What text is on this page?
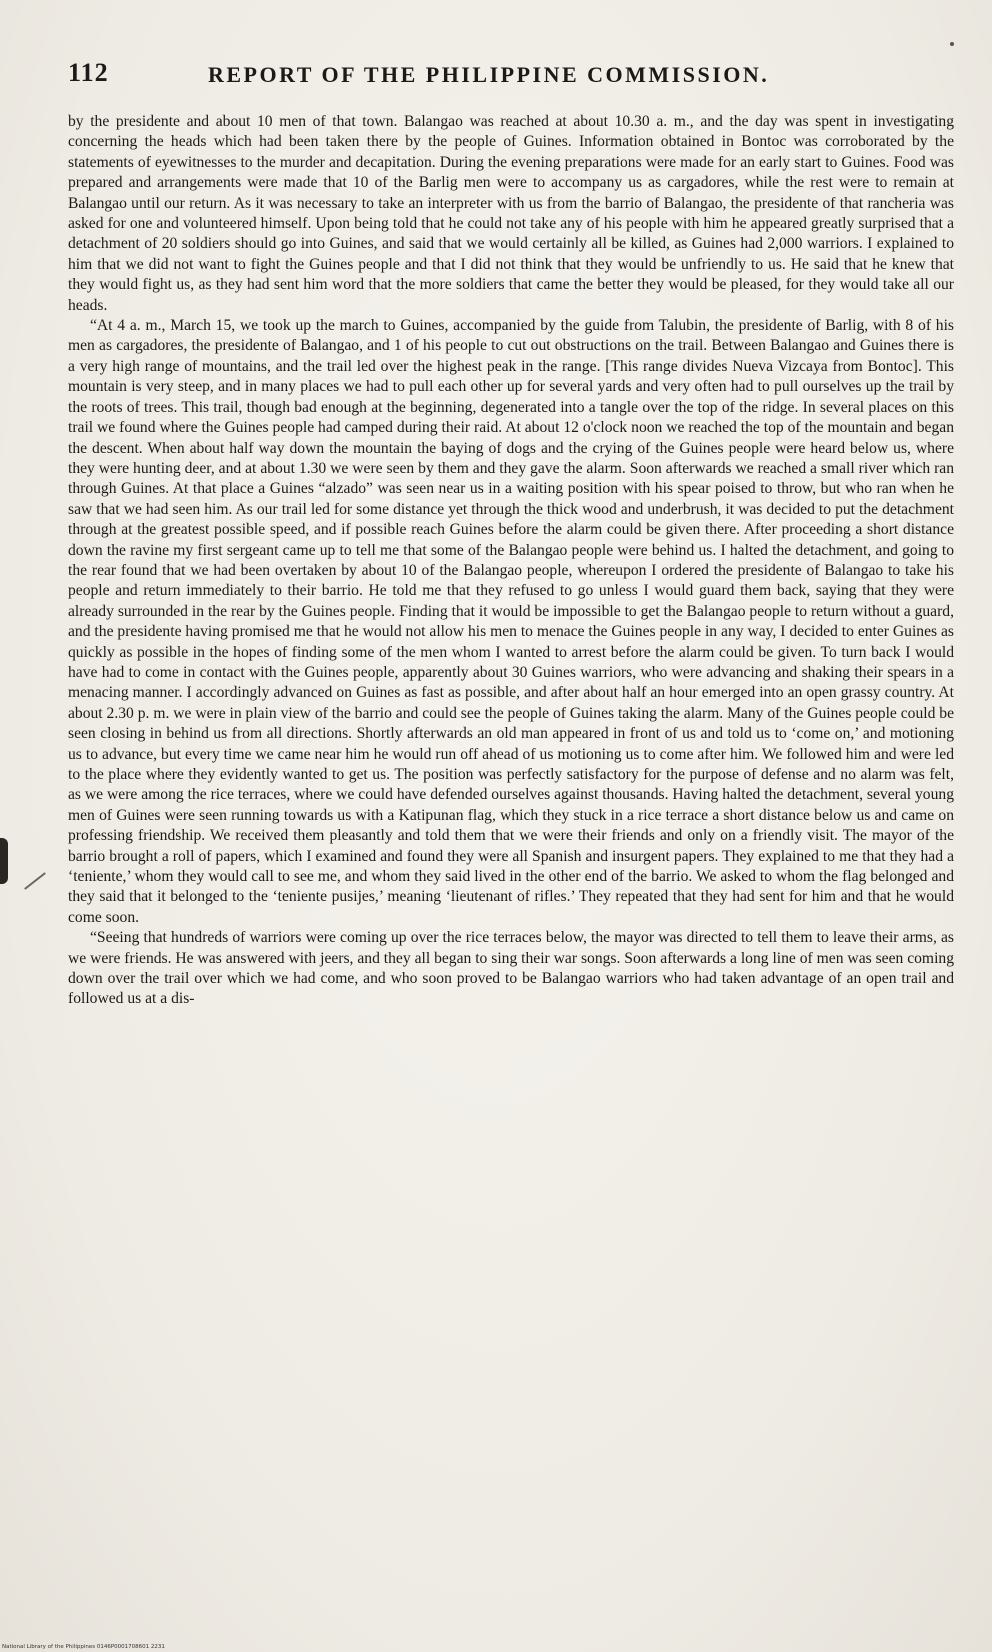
112	REPORT OF THE PHILIPPINE COMMISSION.

by the presidente and about 10 men of that town. Balangao was reached at about 10.30 a. m., and the day was spent in investigating concerning the heads which had been taken there by the people of Guines. Information obtained in Bontoc was corroborated by the statements of eyewitnesses to the murder and decapitation. During the evening preparations were made for an early start to Guines. Food was prepared and arrangements were made that 10 of the Barlig men were to accompany us as cargadores, while the rest were to remain at Balangao until our return. As it was necessary to take an interpreter with us from the barrio of Balangao, the presidente of that rancheria was asked for one and volunteered himself. Upon being told that he could not take any of his people with him he appeared greatly surprised that a detachment of 20 soldiers should go into Guines, and said that we would certainly all be killed, as Guines had 2,000 warriors. I explained to him that we did not want to fight the Guines people and that I did not think that they would be unfriendly to us. He said that he knew that they would fight us, as they had sent him word that the more soldiers that came the better they would be pleased, for they would take all our heads.

“At 4 a. m., March 15, we took up the march to Guines, accompanied by the guide from Talubin, the presidente of Barlig, with 8 of his men as cargadores, the presidente of Balangao, and 1 of his people to cut out obstructions on the trail. Between Balangao and Guines there is a very high range of mountains, and the trail led over the highest peak in the range. [This range divides Nueva Vizcaya from Bontoc]. This mountain is very steep, and in many places we had to pull each other up for several yards and very often had to pull ourselves up the trail by the roots of trees. This trail, though bad enough at the beginning, degenerated into a tangle over the top of the ridge. In several places on this trail we found where the Guines people had camped during their raid. At about 12 o'clock noon we reached the top of the mountain and began the descent. When about half way down the mountain the baying of dogs and the crying of the Guines people were heard below us, where they were hunting deer, and at about 1.30 we were seen by them and they gave the alarm. Soon afterwards we reached a small river which ran through Guines. At that place a Guines “alzado” was seen near us in a waiting position with his spear poised to throw, but who ran when he saw that we had seen him. As our trail led for some distance yet through the thick wood and underbrush, it was decided to put the detachment through at the greatest possible speed, and if possible reach Guines before the alarm could be given there. After proceeding a short distance down the ravine my first sergeant came up to tell me that some of the Balangao people were behind us. I halted the detachment, and going to the rear found that we had been overtaken by about 10 of the Balangao people, whereupon I ordered the presidente of Balangao to take his people and return immediately to their barrio. He told me that they refused to go unless I would guard them back, saying that they were already surrounded in the rear by the Guines people. Finding that it would be impossible to get the Balangao people to return without a guard, and the presidente having promised me that he would not allow his men to menace the Guines people in any way, I decided to enter Guines as quickly as possible in the hopes of finding some of the men whom I wanted to arrest before the alarm could be given. To turn back I would have had to come in contact with the Guines people, apparently about 30 Guines warriors, who were advancing and shaking their spears in a menacing manner. I accordingly advanced on Guines as fast as possible, and after about half an hour emerged into an open grassy country. At about 2.30 p. m. we were in plain view of the barrio and could see the people of Guines taking the alarm. Many of the Guines people could be seen closing in behind us from all directions. Shortly afterwards an old man appeared in front of us and told us to ‘come on,’ and motioning us to advance, but every time we came near him he would run off ahead of us motioning us to come after him. We followed him and were led to the place where they evidently wanted to get us. The position was perfectly satisfactory for the purpose of defense and no alarm was felt, as we were among the rice terraces, where we could have defended ourselves against thousands. Having halted the detachment, several young men of Guines were seen running towards us with a Katipunan flag, which they stuck in a rice terrace a short distance below us and came on professing friendship. We received them pleasantly and told them that we were their friends and only on a friendly visit. The mayor of the barrio brought a roll of papers, which I examined and found they were all Spanish and insurgent papers. They explained to me that they had a ‘teniente,’ whom they would call to see me, and whom they said lived in the other end of the barrio. We asked to whom the flag belonged and they said that it belonged to the ‘teniente pusijes,’ meaning ‘lieutenant of rifles.’ They repeated that they had sent for him and that he would come soon.

“Seeing that hundreds of warriors were coming up over the rice terraces below, the mayor was directed to tell them to leave their arms, as we were friends. He was answered with jeers, and they all began to sing their war songs. Soon afterwards a long line of men was seen coming down over the trail over which we had come, and who soon proved to be Balangao warriors who had taken advantage of an open trail and followed us at a dis-

National Library of the Philippines 0146P0001708601 2231
